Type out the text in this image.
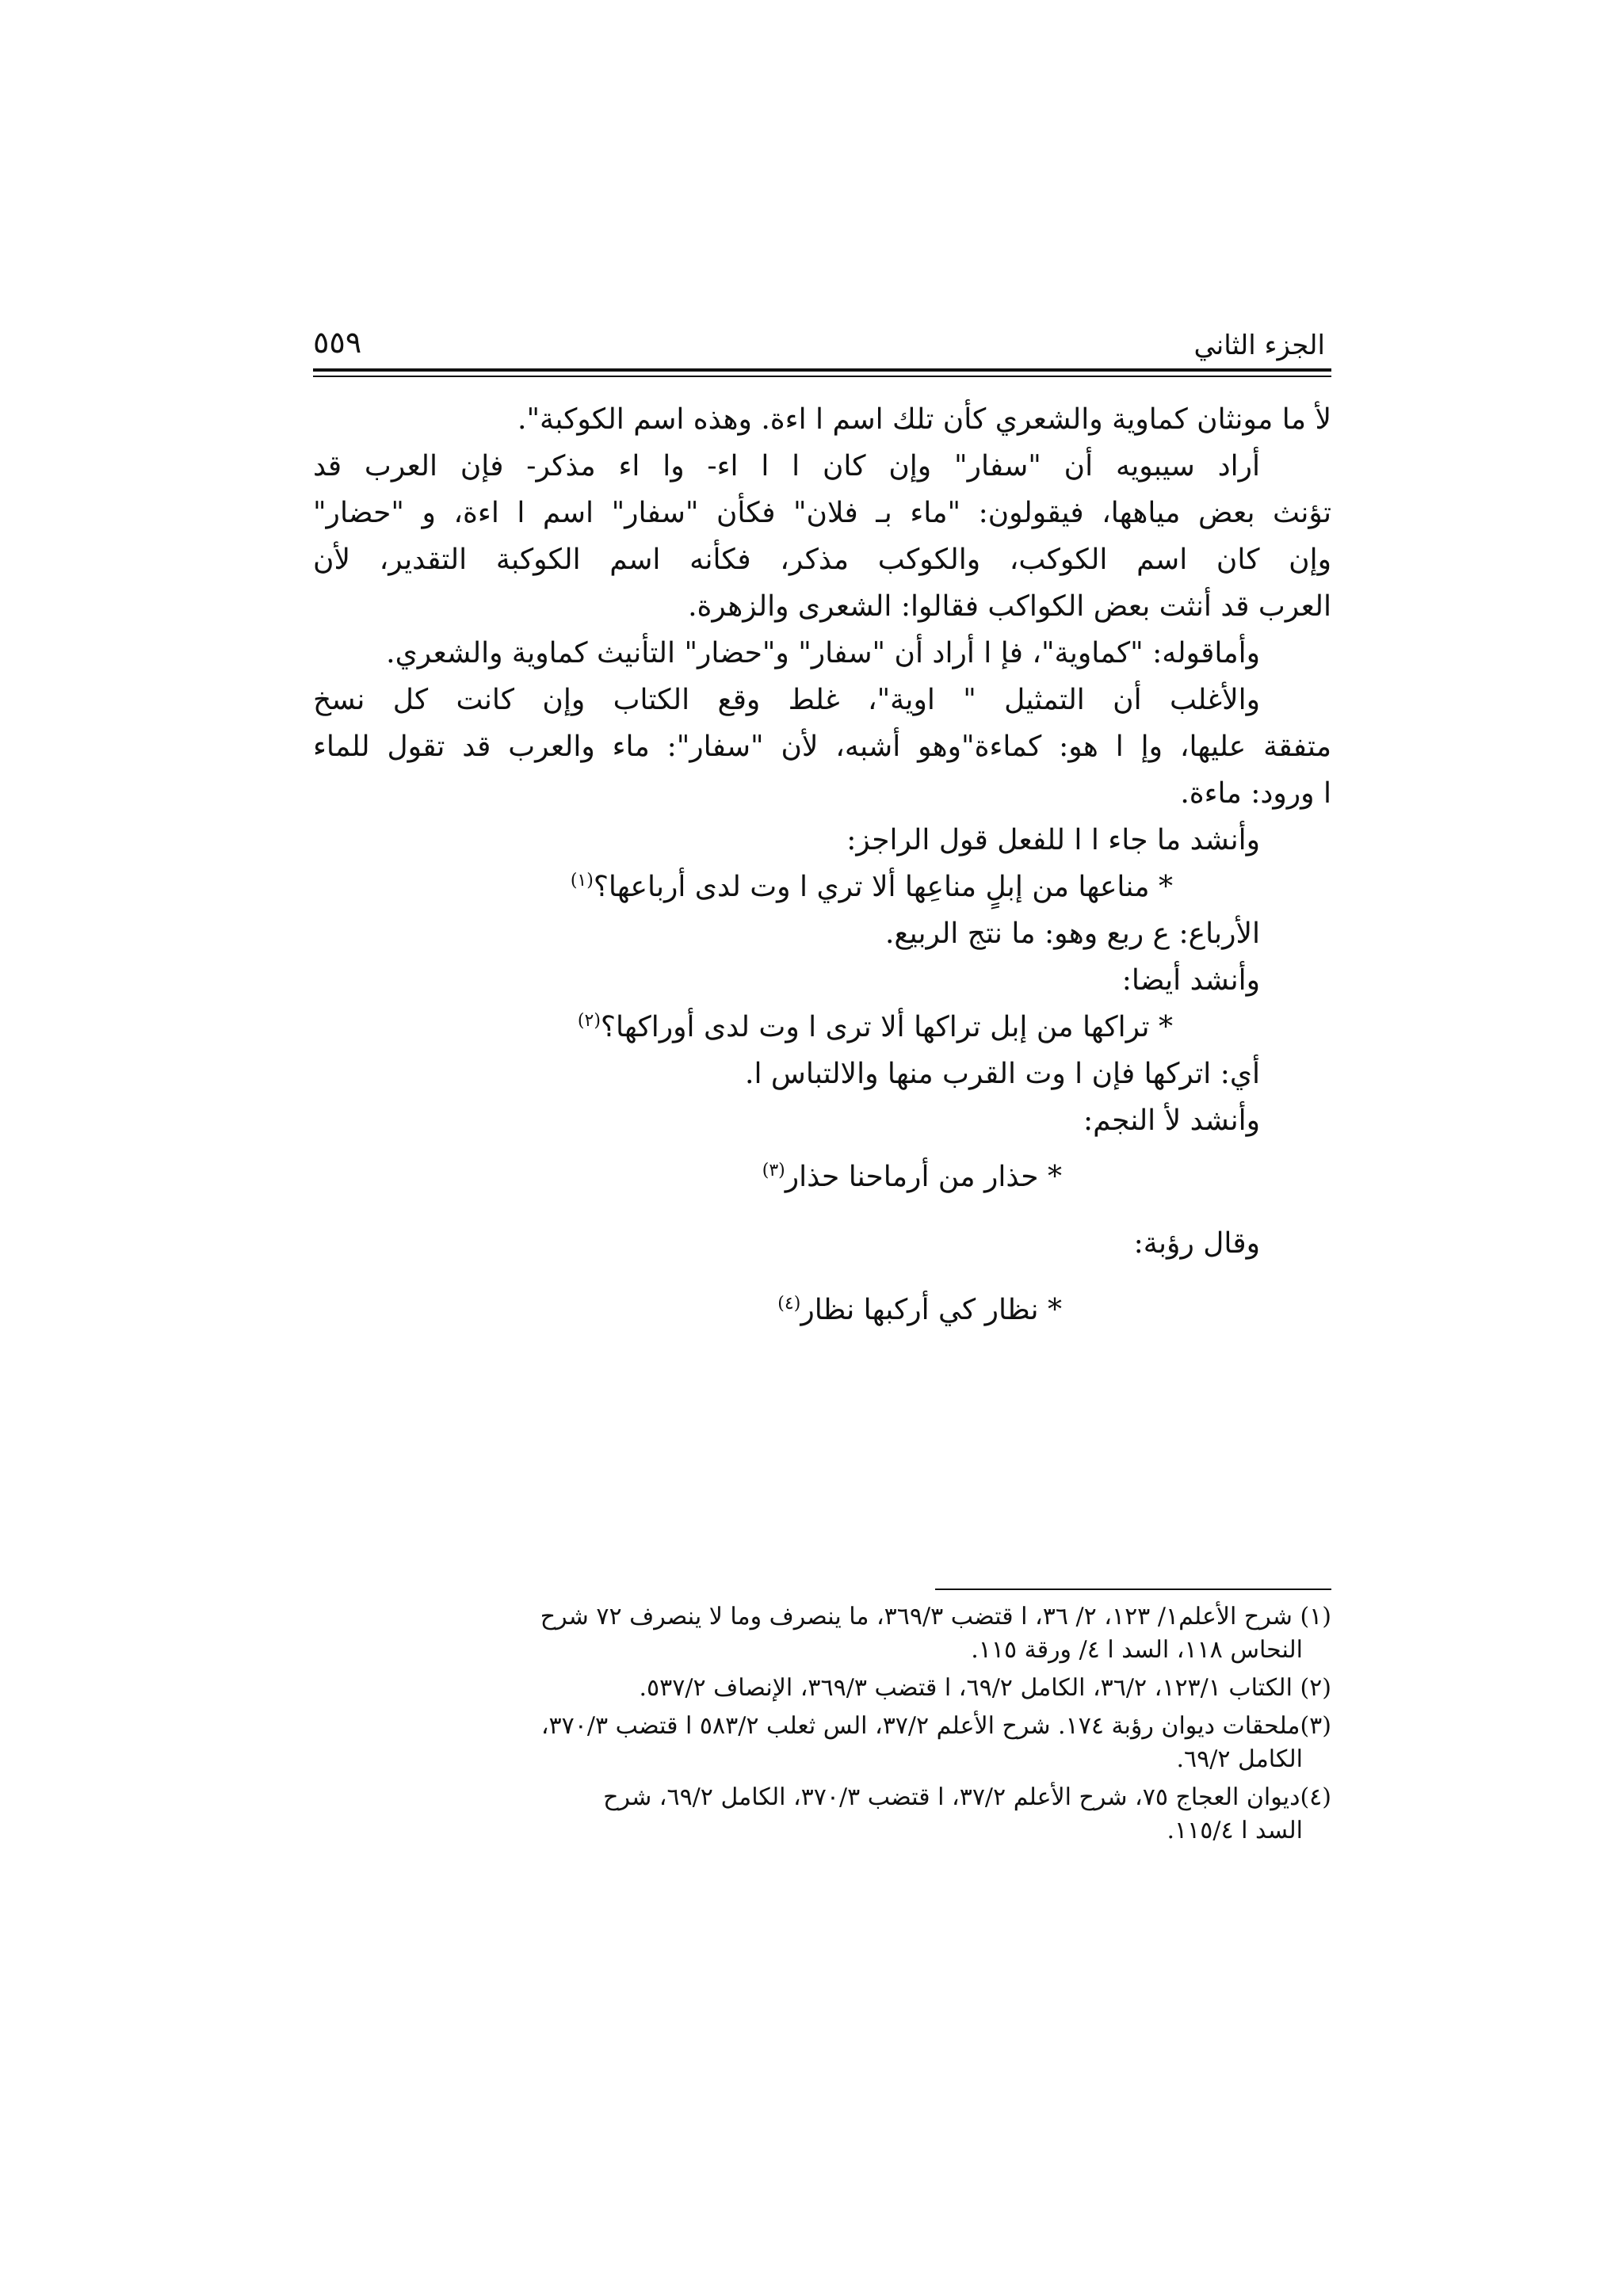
الجزء الثاني
٥٥٩
لأ ما مونثان كماوية والشعري كأن تلك اسم ا اءة. وهذه اسم الكوكبة".
أراد سيبويه أن "سفار" وإن كان ا ا اء- وا اء مذكر- فإن العرب قد
تؤنث بعض مياهها، فيقولون: "ماء بـ فلان" فكأن "سفار" اسم ا اءة، و "حضار"
وإن كان اسم الكوكب، والكوكب مذكر، فكأنه اسم الكوكبة التقدير، لأن
العرب قد أنثت بعض الكواكب فقالوا: الشعرى والزهرة.
وأماقوله: "كماوية"، فإ ا أراد أن "سفار" و"حضار" التأنيث كماوية والشعري.
والأغلب أن التمثيل " اوية"، غلط وقع الكتاب وإن كانت كل نسخ
متفقة عليها، وإ ا هو: كماءة"وهو أشبه، لأن "سفار": ماء والعرب قد تقول للماء
ا ورود: ماءة.
وأنشد ما جاء ا ا للفعل قول الراجز:
* مناعها من إبلٍ مناعِها ألا تري ا وت لدى أرباعها؟$^{(١)}$
الأرباع: ع ربع وهو: ما نتج الربيع.
وأنشد أيضا:
* تراكها من إبل تراكها ألا ترى ا وت لدى أوراكها؟$^{(٢)}$
أي: اتركها فإن ا وت القرب منها والالتباس ا.
وأنشد لأ النجم:
* حذار من أرماحنا حذار$^{(٣)}$
وقال رؤبة:
* نظار كي أركبها نظار$^{(٤)}$
(١) شرح الأعلم١/ ١٢٣، ٢/ ٣٦، ا قتضب ٣٦٩/٣، ما ينصرف وما لا ينصرف ٧٢ شرح
النحاس ١١٨، السد ا ٤/ ورقة ١١٥.
(٢) الكتاب ١٢٣/١، ٣٦/٢، الكامل ٦٩/٢، ا قتضب ٣٦٩/٣، الإنصاف ٥٣٧/٢.
(٣)ملحقات ديوان رؤبة ١٧٤. شرح الأعلم ٣٧/٢، الس ثعلب ٥٨٣/٢ ا قتضب ٣٧٠/٣،
الكامل ٦٩/٢.
(٤)ديوان العجاج ٧٥، شرح الأعلم ٣٧/٢، ا قتضب ٣٧٠/٣، الكامل ٦٩/٢، شرح
السد ا ١١٥/٤.
